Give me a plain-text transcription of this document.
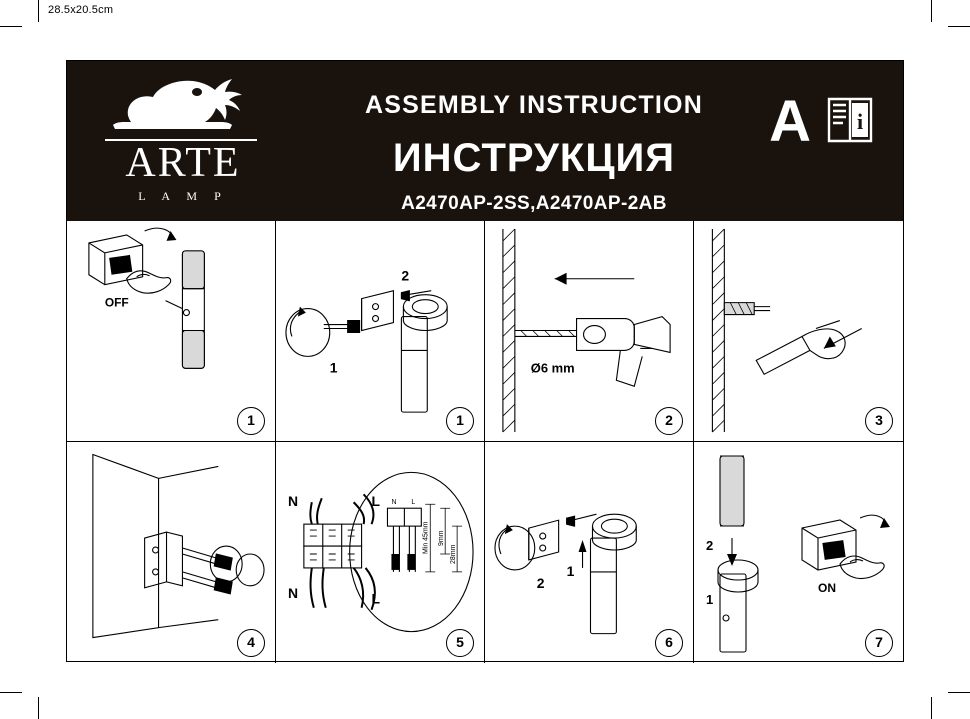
28.5x20.5cm
ARTE
L A M P
ASSEMBLY INSTRUCTION
ИНСТРУКЦИЯ
A2470AP-2SS,A2470AP-2AB
A i
OFF
1
2
1
1
Ø6 mm
2	3
4
N
N
L
L
N L
Min 45mm 9mm
28mm
5
2
1
6
2
1
ON
7
